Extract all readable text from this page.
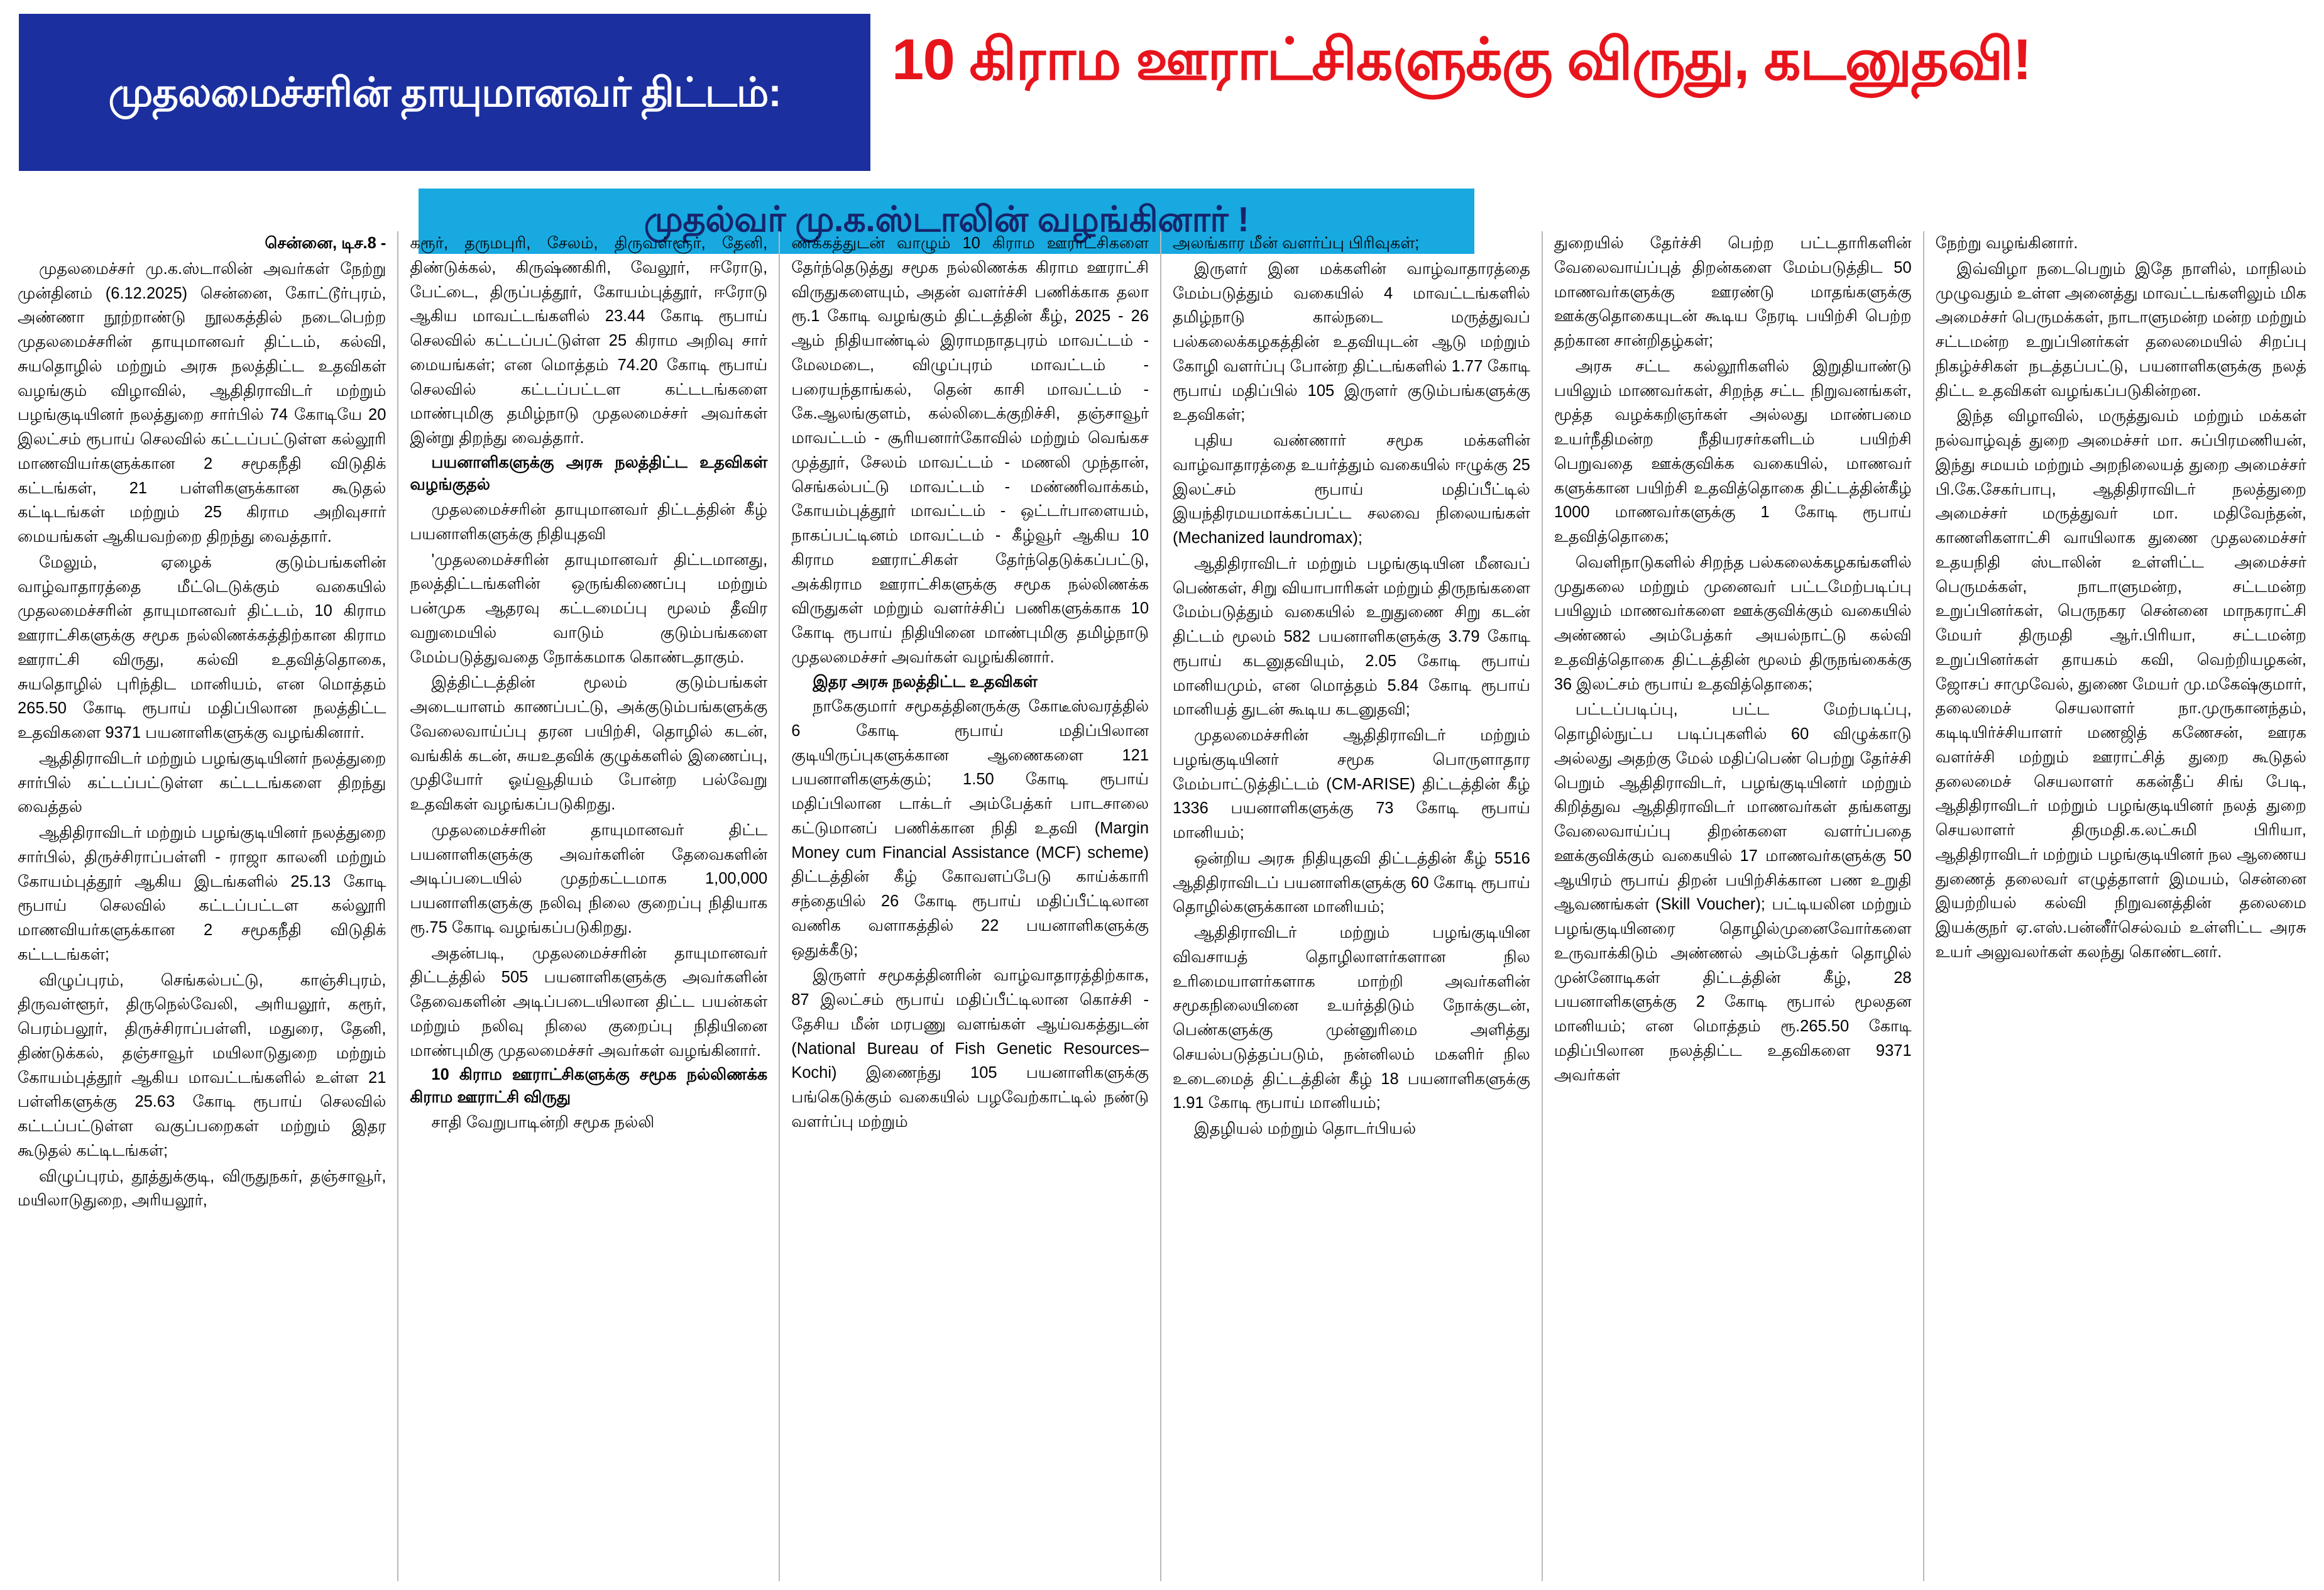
முதலமைச்சரின் தாயுமானவர் திட்டம்:
10 கிராம ஊராட்சிகளுக்கு விருது, கடனுதவி!
முதல்வர் மு.க.ஸ்டாலின் வழங்கினார் !

சென்னை, டிச.8 -

முதலமைச்சர் மு.க.ஸ்டாலின் அவர்கள் நேற்று முன்தினம் (6.12.2025) சென்னை, கோட்டூர்புரம், அண்ணா நூற்றாண்டு நூலகத்தில் நடைபெற்ற முதலமைச்சரின் தாயுமானவர் திட்டம், கல்வி, சுயதொழில் மற்றும் அரசு நலத்திட்ட உதவிகள் வழங்கும் விழாவில், ஆதிதிராவிடர் மற்றும் பழங்குடியினர் நலத்துறை சார்பில் 74 கோடியே 20 இலட்சம் ரூபாய் செலவில் கட்டப்பட்டுள்ள கல்லூரி மாணவியர்களுக்கான 2 சமூகநீதி விடுதிக் கட்டங்கள், 21 பள்ளிகளுக்கான கூடுதல் கட்டிடங்கள் மற்றும் 25 கிராம அறிவுசார் மையங்கள் ஆகியவற்றை திறந்து வைத்தார்.

மேலும், ஏழைக் குடும்பங்களின் வாழ்வாதாரத்தை மீட்டெடுக்கும் வகையில் முதலமைச்சரின் தாயுமானவர் திட்டம், 10 கிராம ஊராட்சிகளுக்கு சமூக நல்லிணக்கத்திற்கான கிராம ஊராட்சி விருது, கல்வி உதவித்தொகை, சுயதொழில் புரிந்திட மானியம், என மொத்தம் 265.50 கோடி ரூபாய் மதிப்பிலான நலத்திட்ட உதவிகளை 9371 பயனாளிகளுக்கு வழங்கினார்.

ஆதிதிராவிடர் மற்றும் பழங்குடியினர் நலத்துறை சார்பில் கட்டப்பட்டுள்ள கட்டடங்களை திறந்து வைத்தல்

ஆதிதிராவிடர் மற்றும் பழங்குடியினர் நலத்துறை சார்பில், திருச்சிராப்பள்ளி - ராஜா காலனி மற்றும் கோயம்புத்தூர் ஆகிய இடங்களில் 25.13 கோடி ரூபாய் செலவில் கட்டப்பட்டள கல்லூரி மாணவியர்களுக்கான 2 சமூகநீதி விடுதிக் கட்டடங்கள்;

விழுப்புரம், செங்கல்பட்டு, காஞ்சிபுரம், திருவள்ளூர், திருநெல்வேலி, அரியலூர், கரூர், பெரம்பலூர், திருச்சிராப்பள்ளி, மதுரை, தேனி, திண்டுக்கல், தஞ்சாவூர் மயிலாடுதுறை மற்றும் கோயம்புத்தூர் ஆகிய மாவட்டங்களில் உள்ள 21 பள்ளிகளுக்கு 25.63 கோடி ரூபாய் செலவில் கட்டப்பட்டுள்ள வகுப்பறைகள் மற்றும் இதர கூடுதல் கட்டிடங்கள்;

விழுப்புரம், தூத்துக்குடி, விருதுநகர், தஞ்சாவூர், மயிலாடுதுறை, அரியலூர்,

கரூர், தருமபுரி, சேலம், திருவள்ளூர், தேனி, திண்டுக்கல், கிருஷ்ணகிரி, வேலூர், ஈரோடு, பேட்டை, திருப்பத்தூர், கோயம்புத்தூர், ஈரோடு ஆகிய மாவட்டங்களில் 23.44 கோடி ரூபாய் செலவில் கட்டப்பட்டுள்ள 25 கிராம அறிவு சார் மையங்கள்; என மொத்தம் 74.20 கோடி ரூபாய் செலவில் கட்டப்பட்டள கட்டடங்களை மாண்புமிகு தமிழ்நாடு முதலமைச்சர் அவர்கள் இன்று திறந்து வைத்தார்.

பயனாளிகளுக்கு அரசு நலத்திட்ட உதவிகள் வழங்குதல்

முதலமைச்சரின் தாயுமானவர் திட்டத்தின் கீழ் பயனாளிகளுக்கு நிதியுதவி

'முதலமைச்சரின் தாயுமானவர் திட்டமானது, நலத்திட்டங்களின் ஒருங்கிணைப்பு மற்றும் பன்முக ஆதரவு கட்டமைப்பு மூலம் தீவிர வறுமையில் வாடும் குடும்பங்களை மேம்படுத்துவதை நோக்கமாக கொண்டதாகும்.

இத்திட்டத்தின் மூலம் குடும்பங்கள் அடையாளம் காணப்பட்டு, அக்குடும்பங்களுக்கு வேலைவாய்ப்பு தரன பயிற்சி, தொழில் கடன், வங்கிக் கடன், சுயஉதவிக் குழுக்களில் இணைப்பு, முதியோர் ஓய்வூதியம் போன்ற பல்வேறு உதவிகள் வழங்கப்படுகிறது.

முதலமைச்சரின் தாயுமானவர் திட்ட பயனாளிகளுக்கு அவர்களின் தேவைகளின் அடிப்படையில் முதற்கட்டமாக 1,00,000 பயனாளிகளுக்கு நலிவு நிலை குறைப்பு நிதியாக ரூ.75 கோடி வழங்கப்படுகிறது.

அதன்படி, முதலமைச்சரின் தாயுமானவர் திட்டத்தில் 505 பயனாளிகளுக்கு அவர்களின் தேவைகளின் அடிப்படையிலான திட்ட பயன்கள் மற்றும் நலிவு நிலை குறைப்பு நிதியினை மாண்புமிகு முதலமைச்சர் அவர்கள் வழங்கினார்.

10 கிராம ஊராட்சிகளுக்கு சமூக நல்லிணக்க கிராம ஊராட்சி விருது

சாதி வேறுபாடின்றி சமூக நல்லி

ணக்கத்துடன் வாழும் 10 கிராம ஊராட்சிகளை தேர்ந்தெடுத்து சமூக நல்லிணக்க கிராம ஊராட்சி விருதுகளையும், அதன் வளர்ச்சி பணிக்காக தலா ரூ.1 கோடி வழங்கும் திட்டத்தின் கீழ், 2025 - 26 ஆம் நிதியாண்டில் இராமநாதபுரம் மாவட்டம் - மேலமடை, விழுப்புரம் மாவட்டம் - பரையந்தாங்கல், தென் காசி மாவட்டம் - கே.ஆலங்குளம், கல்லிடைக்குறிச்சி, தஞ்சாவூர் மாவட்டம் - சூரியனார்கோவில் மற்றும் வெங்கச முத்தூர், சேலம் மாவட்டம் - மணலி முந்தான், செங்கல்பட்டு மாவட்டம் - மண்ணிவாக்கம், கோயம்புத்தூர் மாவட்டம் - ஒட்டர்பாளையம், நாகப்பட்டினம் மாவட்டம் - கீழ்வூர் ஆகிய 10 கிராம ஊராட்சிகள் தேர்ந்தெடுக்கப்பட்டு, அக்கிராம ஊராட்சிகளுக்கு சமூக நல்லிணக்க விருதுகள் மற்றும் வளர்ச்சிப் பணிகளுக்காக 10 கோடி ரூபாய் நிதியினை மாண்புமிகு தமிழ்நாடு முதலமைச்சர் அவர்கள் வழங்கினார்.

இதர அரசு நலத்திட்ட உதவிகள்

நாகேகுமார் சமூகத்தினருக்கு கோடீஸ்வரத்தில் 6 கோடி ரூபாய் மதிப்பிலான குடியிருப்புகளுக்கான ஆணைகளை 121 பயனாளிகளுக்கும்; 1.50 கோடி ரூபாய் மதிப்பிலான டாக்டர் அம்பேத்கர் பாடசாலை கட்டுமானப் பணிக்கான நிதி உதவி (Margin Money cum Financial Assistance (MCF) scheme) திட்டத்தின் கீழ் கோவளப்பேடு காய்க்காரி சந்தையில் 26 கோடி ரூபாய் மதிப்பீட்டிலான வணிக வளாகத்தில் 22 பயனாளிகளுக்கு ஒதுக்கீடு;

இருளர் சமூகத்தினரின் வாழ்வாதாரத்திற்காக, 87 இலட்சம் ரூபாய் மதிப்பீட்டிலான கொச்சி - தேசிய மீன் மரபணு வளங்கள் ஆய்வகத்துடன் (National Bureau of Fish Genetic Resources– Kochi) இணைந்து 105 பயனாளிகளுக்கு பங்கெடுக்கும் வகையில் பழவேற்காட்டில் நண்டு வளர்ப்பு மற்றும்

அலங்கார மீன் வளர்ப்பு பிரிவுகள்;

இருளர் இன மக்களின் வாழ்வாதாரத்தை மேம்படுத்தும் வகையில் 4 மாவட்டங்களில் தமிழ்நாடு கால்நடை மருத்துவப் பல்கலைக்கழகத்தின் உதவியுடன் ஆடு மற்றும் கோழி வளர்ப்பு போன்ற திட்டங்களில் 1.77 கோடி ரூபாய் மதிப்பில் 105 இருளர் குடும்பங்களுக்கு உதவிகள்;

புதிய வண்ணார் சமூக மக்களின் வாழ்வாதாரத்தை உயர்த்தும் வகையில் ஈழுக்கு 25 இலட்சம் ரூபாய் மதிப்பீட்டில் இயந்திரமயமாக்கப்பட்ட சலவை நிலையங்கள் (Mechanized laundromax);

ஆதிதிராவிடர் மற்றும் பழங்குடியின மீனவப் பெண்கள், சிறு வியாபாரிகள் மற்றும் திருநங்களை மேம்படுத்தும் வகையில் உறுதுணை சிறு கடன் திட்டம் மூலம் 582 பயனாளிகளுக்கு 3.79 கோடி ரூபாய் கடனுதவியும், 2.05 கோடி ரூபாய் மானியமும், என மொத்தம் 5.84 கோடி ரூபாய் மானியத் துடன் கூடிய கடனுதவி;

முதலமைச்சரின் ஆதிதிராவிடர் மற்றும் பழங்குடியினர் சமூக பொருளாதார மேம்பாட்டுத்திட்டம் (CM-ARISE) திட்டத்தின் கீழ் 1336 பயனாளிகளுக்கு 73 கோடி ரூபாய் மானியம்;

ஒன்றிய அரசு நிதியுதவி திட்டத்தின் கீழ் 5516 ஆதிதிராவிடப் பயனாளிகளுக்கு 60 கோடி ரூபாய் தொழில்களுக்கான மானியம்;

ஆதிதிராவிடர் மற்றும் பழங்குடியின விவசாயத் தொழிலாளர்களான நில உரிமையாளர்களாக மாற்றி அவர்களின் சமூகநிலையினை உயர்த்திடும் நோக்குடன், பெண்களுக்கு முன்னுரிமை அளித்து செயல்படுத்தப்படும், நன்னிலம் மகளிர் நில உடைமைத் திட்டத்தின் கீழ் 18 பயனாளிகளுக்கு 1.91 கோடி ரூபாய் மானியம்;

இதழியல் மற்றும் தொடர்பியல்

துறையில் தேர்ச்சி பெற்ற பட்டதாரிகளின் வேலைவாய்ப்புத் திறன்களை மேம்படுத்திட 50 மாணவர்களுக்கு ஊரண்டு மாதங்களுக்கு ஊக்குதொகையுடன் கூடிய நேரடி பயிற்சி பெற்ற தற்கான சான்றிதழ்கள்;

அரசு சட்ட கல்லூரிகளில் இறுதியாண்டு பயிலும் மாணவர்கள், சிறந்த சட்ட நிறுவனங்கள், மூத்த வழக்கறிஞர்கள் அல்லது மாண்பமை உயர்நீதிமன்ற நீதியரசர்களிடம் பயிற்சி பெறுவதை ஊக்குவிக்க வகையில், மாணவர் களுக்கான பயிற்சி உதவித்தொகை திட்டத்தின்கீழ் 1000 மாணவர்களுக்கு 1 கோடி ரூபாய் உதவித்தொகை;

வெளிநாடுகளில் சிறந்த பல்கலைக்கழகங்களில் முதுகலை மற்றும் முனைவர் பட்டமேற்படிப்பு பயிலும் மாணவர்களை ஊக்குவிக்கும் வகையில் அண்ணல் அம்பேத்கர் அயல்நாட்டு கல்வி உதவித்தொகை திட்டத்தின் மூலம் திருநங்கைக்கு 36 இலட்சம் ரூபாய் உதவித்தொகை;

பட்டப்படிப்பு, பட்ட மேற்படிப்பு, தொழில்நுட்ப படிப்புகளில் 60 விழுக்காடு அல்லது அதற்கு மேல் மதிப்பெண் பெற்று தேர்ச்சி பெறும் ஆதிதிராவிடர், பழங்குடியினர் மற்றும் கிறித்துவ ஆதிதிராவிடர் மாணவர்கள் தங்களது வேலைவாய்ப்பு திறன்களை வளர்ப்பதை ஊக்குவிக்கும் வகையில் 17 மாணவர்களுக்கு 50 ஆயிரம் ரூபாய் திறன் பயிற்சிக்கான பண உறுதி ஆவணங்கள் (Skill Voucher); பட்டியலின மற்றும் பழங்குடியினரை தொழில்முனைவோர்களை உருவாக்கிடும் அண்ணல் அம்பேத்கர் தொழில் முன்னோடிகள் திட்டத்தின் கீழ், 28 பயனாளிகளுக்கு 2 கோடி ரூபால் மூலதன மானியம்; என மொத்தம் ரூ.265.50 கோடி மதிப்பிலான நலத்திட்ட உதவிகளை 9371 அவர்கள்

நேற்று வழங்கினார்.

இவ்விழா நடைபெறும் இதே நாளில், மாநிலம் முழுவதும் உள்ள அனைத்து மாவட்டங்களிலும் மிக அமைச்சர் பெருமக்கள், நாடாளுமன்ற மன்ற மற்றும் சட்டமன்ற உறுப்பினர்கள் தலைமையில் சிறப்பு நிகழ்ச்சிகள் நடத்தப்பட்டு, பயனாளிகளுக்கு நலத் திட்ட உதவிகள் வழங்கப்படுகின்றன.

இந்த விழாவில், மருத்துவம் மற்றும் மக்கள் நல்வாழ்வுத் துறை அமைச்சர் மா. சுப்பிரமணியன், இந்து சமயம் மற்றும் அறநிலையத் துறை அமைச்சர் பி.கே.சேகர்பாபு, ஆதிதிராவிடர் நலத்துறை அமைச்சர் மருத்துவர் மா. மதிவேந்தன், காணளிகளாட்சி வாயிலாக துணை முதலமைச்சர் உதயநிதி ஸ்டாலின் உள்ளிட்ட அமைச்சர் பெருமக்கள், நாடாளுமன்ற, சட்டமன்ற உறுப்பினர்கள், பெருநகர சென்னை மாநகராட்சி மேயர் திருமதி ஆர்.பிரியா, சட்டமன்ற உறுப்பினர்கள் தாயகம் கவி, வெற்றியழகன், ஜோசப் சாமுவேல், துணை மேயர் மு.மகேஷ்குமார், தலைமைச் செயலாளர் நா.முருகானந்தம், கடிடியிர்ச்சியாளர் மணஜித் கணேசன், ஊரக வளர்ச்சி மற்றும் ஊராட்சித் துறை கூடுதல் தலைமைச் செயலாளர் ககன்தீப் சிங் பேடி, ஆதிதிராவிடர் மற்றும் பழங்குடியினர் நலத் துறை செயலாளர் திருமதி.க.லட்சுமி பிரியா, ஆதிதிராவிடர் மற்றும் பழங்குடியினர் நல ஆணைய துணைத் தலைவர் எழுத்தாளர் இமயம், சென்னை இயற்றியல் கல்வி நிறுவனத்தின் தலைமை இயக்குநர் ஏ.எஸ்.பன்னீர்செல்வம் உள்ளிட்ட அரசு உயர் அலுவலர்கள் கலந்து கொண்டனர்.
